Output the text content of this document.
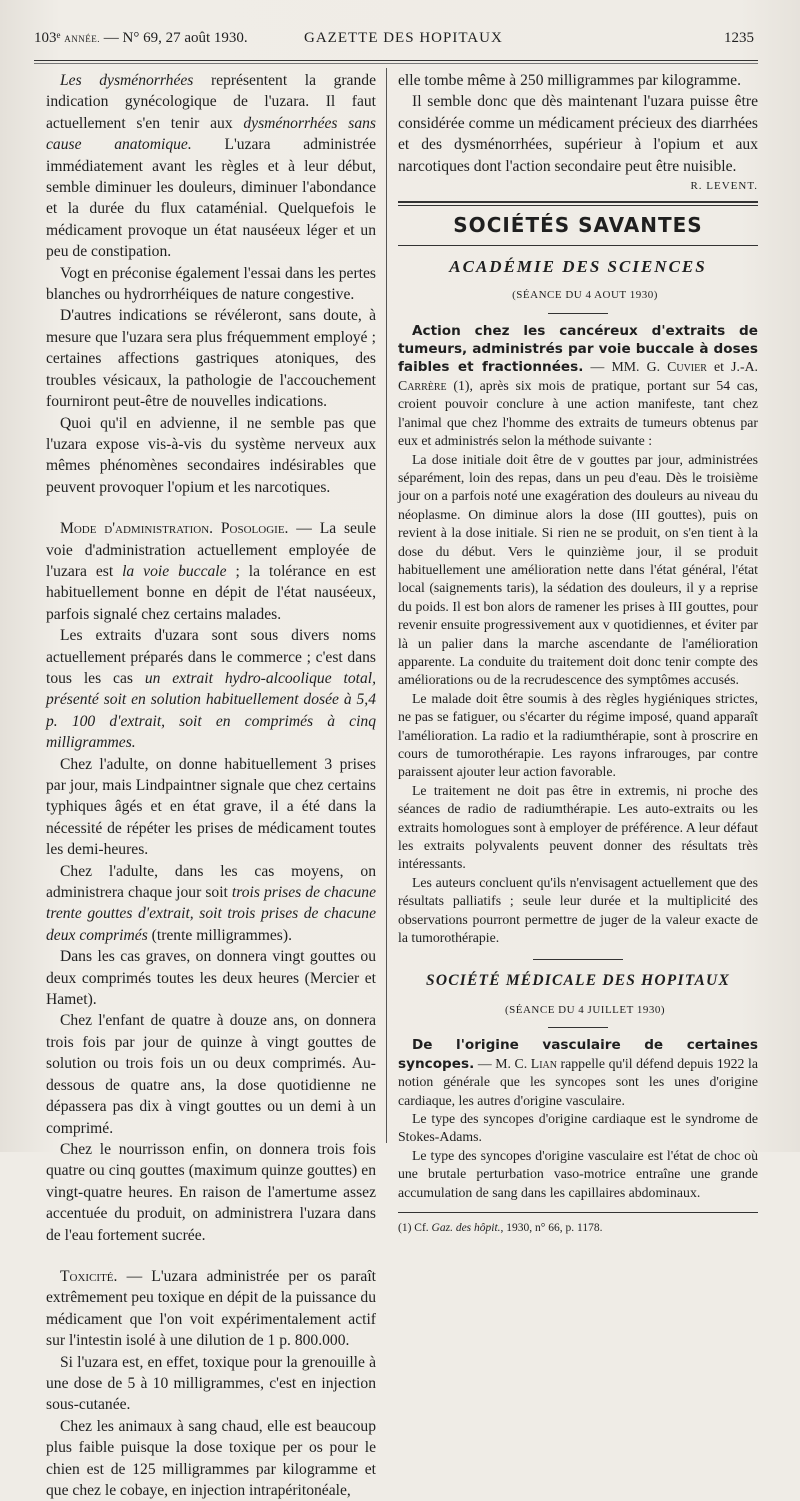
103e ANNÉE. — N° 69, 27 août 1930.	GAZETTE DES HOPITAUX	1235

Les dysménorrhées représentent la grande indication gynécologique de l'uzara. Il faut actuellement s'en tenir aux dysménorrhées sans cause anatomique. L'uzara administrée immédiatement avant les règles et à leur début, semble diminuer les douleurs, diminuer l'abondance et la durée du flux cataménial. Quelquefois le médicament provoque un état nauséeux léger et un peu de constipation.

Vogt en préconise également l'essai dans les pertes blanches ou hydrorrhéiques de nature congestive.

D'autres indications se révéleront, sans doute, à mesure que l'uzara sera plus fréquemment employé ; certaines affections gastriques atoniques, des troubles vésicaux, la pathologie de l'accouchement fourniront peut-être de nouvelles indications.

Quoi qu'il en advienne, il ne semble pas que l'uzara expose vis-à-vis du système nerveux aux mêmes phénomènes secondaires indésirables que peuvent provoquer l'opium et les narcotiques.

Mode d'administration. Posologie. — La seule voie d'administration actuellement employée de l'uzara est la voie buccale ; la tolérance en est habituellement bonne en dépit de l'état nauséeux, parfois signalé chez certains malades.

Les extraits d'uzara sont sous divers noms actuellement préparés dans le commerce ; c'est dans tous les cas un extrait hydro-alcoolique total, présenté soit en solution habituellement dosée à 5,4 p. 100 d'extrait, soit en comprimés à cinq milligrammes.

Chez l'adulte, on donne habituellement 3 prises par jour, mais Lindpaintner signale que chez certains typhiques âgés et en état grave, il a été dans la nécessité de répéter les prises de médicament toutes les demi-heures.

Chez l'adulte, dans les cas moyens, on administrera chaque jour soit trois prises de chacune trente gouttes d'extrait, soit trois prises de chacune deux comprimés (trente milligrammes).

Dans les cas graves, on donnera vingt gouttes ou deux comprimés toutes les deux heures (Mercier et Hamet).

Chez l'enfant de quatre à douze ans, on donnera trois fois par jour de quinze à vingt gouttes de solution ou trois fois un ou deux comprimés. Au-dessous de quatre ans, la dose quotidienne ne dépassera pas dix à vingt gouttes ou un demi à un comprimé.

Chez le nourrisson enfin, on donnera trois fois quatre ou cinq gouttes (maximum quinze gouttes) en vingt-quatre heures. En raison de l'amertume assez accentuée du produit, on administrera l'uzara dans de l'eau fortement sucrée.

Toxicité. — L'uzara administrée per os paraît extrêmement peu toxique en dépit de la puissance du médicament que l'on voit expérimentalement actif sur l'intestin isolé à une dilution de 1 p. 800.000.

Si l'uzara est, en effet, toxique pour la grenouille à une dose de 5 à 10 milligrammes, c'est en injection sous-cutanée.

Chez les animaux à sang chaud, elle est beaucoup plus faible puisque la dose toxique per os pour le chien est de 125 milligrammes par kilogramme et que chez le cobaye, en injection intrapéritonéale,

elle tombe même à 250 milligrammes par kilogramme.

Il semble donc que dès maintenant l'uzara puisse être considérée comme un médicament précieux des diarrhées et des dysménorrhées, supérieur à l'opium et aux narcotiques dont l'action secondaire peut être nuisible.

R. LEVENT.
SOCIÉTÉS SAVANTES
ACADÉMIE DES SCIENCES

(SÉANCE DU 4 AOUT 1930)

Action chez les cancéreux d'extraits de tumeurs, administrés par voie buccale à doses faibles et fractionnées. — MM. G. Cuvier et J.-A. Carrère (1), après six mois de pratique, portant sur 54 cas, croient pouvoir conclure à une action manifeste, tant chez l'animal que chez l'homme des extraits de tumeurs obtenus par eux et administrés selon la méthode suivante :

La dose initiale doit être de v gouttes par jour, administrées séparément, loin des repas, dans un peu d'eau. Dès le troisième jour on a parfois noté une exagération des douleurs au niveau du néoplasme. On diminue alors la dose (III gouttes), puis on revient à la dose initiale. Si rien ne se produit, on s'en tient à la dose du début. Vers le quinzième jour, il se produit habituellement une amélioration nette dans l'état général, l'état local (saignements taris), la sédation des douleurs, il y a reprise du poids. Il est bon alors de ramener les prises à III gouttes, pour revenir ensuite progressivement aux v quotidiennes, et éviter par là un palier dans la marche ascendante de l'amélioration apparente. La conduite du traitement doit donc tenir compte des améliorations ou de la recrudescence des symptômes accusés.

Le malade doit être soumis à des règles hygiéniques strictes, ne pas se fatiguer, ou s'écarter du régime imposé, quand apparaît l'amélioration. La radio et la radiumthérapie, sont à proscrire en cours de tumorothérapie. Les rayons infrarouges, par contre paraissent ajouter leur action favorable.

Le traitement ne doit pas être in extremis, ni proche des séances de radio de radiumthérapie. Les auto-extraits ou les extraits homologues sont à employer de préférence. A leur défaut les extraits polyvalents peuvent donner des résultats très intéressants.

Les auteurs concluent qu'ils n'envisagent actuellement que des résultats palliatifs ; seule leur durée et la multiplicité des observations pourront permettre de juger de la valeur exacte de la tumorothérapie.

SOCIÉTÉ MÉDICALE DES HOPITAUX

(SÉANCE DU 4 JUILLET 1930)

De l'origine vasculaire de certaines syncopes. — M. C. Lian rappelle qu'il défend depuis 1922 la notion générale que les syncopes sont les unes d'origine cardiaque, les autres d'origine vasculaire.

Le type des syncopes d'origine cardiaque est le syndrome de Stokes-Adams.

Le type des syncopes d'origine vasculaire est l'état de choc où une brutale perturbation vaso-motrice entraîne une grande accumulation de sang dans les capillaires abdominaux.

(1) Cf. Gaz. des hôpit., 1930, n° 66, p. 1178.
